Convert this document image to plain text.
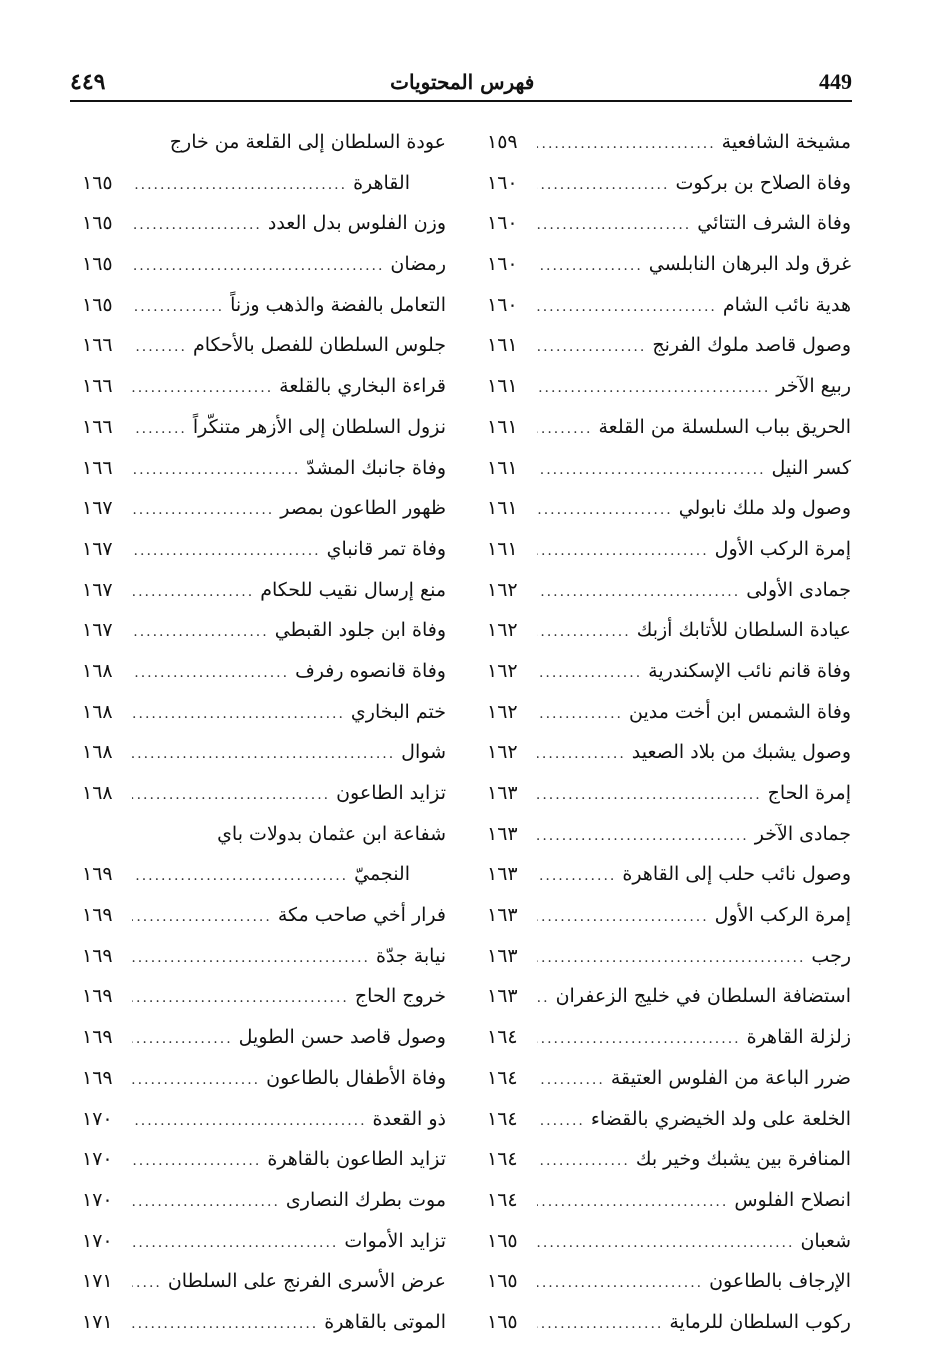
٤٤٩	فهرس المحتويات	449
مشيخة الشافعية
.....
١٥٩
وفاة الصلاح بن بركوت
.....
١٦٠
وفاة الشرف التتائي
.....
١٦٠
غرق ولد البرهان النابلسي
.....
١٦٠
هدية نائب الشام
.....
١٦٠
وصول قاصد ملوك الفرنج
.....
١٦١
ربيع الآخر
.....
١٦١
الحريق بباب السلسلة من القلعة
.....
١٦١
كسر النيل
.....
١٦١
وصول ولد ملك نابولي
.....
١٦١
إمرة الركب الأول
.....
١٦١
جمادى الأولى
.....
١٦٢
عيادة السلطان للأتابك أزبك
.....
١٦٢
وفاة قانم نائب الإسكندرية
.....
١٦٢
وفاة الشمس ابن أخت مدين
.....
١٦٢
وصول يشبك من بلاد الصعيد
.....
١٦٢
إمرة الحاج
.....
١٦٣
جمادى الآخر
.....
١٦٣
وصول نائب حلب إلى القاهرة
.....
١٦٣
إمرة الركب الأول
.....
١٦٣
رجب
.....
١٦٣
استضافة السلطان في خليج الزعفران
.....
١٦٣
زلزلة القاهرة
.....
١٦٤
ضرر الباعة من الفلوس العتيقة
.....
١٦٤
الخلعة على ولد الخيضري بالقضاء
.....
١٦٤
المنافرة بين يشبك وخير بك
.....
١٦٤
انصلاح الفلوس
.....
١٦٤
شعبان
.....
١٦٥
الإرجاف بالطاعون
.....
١٦٥
ركوب السلطان للرماية
.....
١٦٥
عودة السلطان إلى القلعة من خارج
القاهرة
.....
١٦٥
وزن الفلوس بدل العدد
.....
١٦٥
رمضان
.....
١٦٥
التعامل بالفضة والذهب وزناً
.....
١٦٥
جلوس السلطان للفصل بالأحكام
.....
١٦٦
قراءة البخاري بالقلعة
.....
١٦٦
نزول السلطان إلى الأزهر متنكّراً
.....
١٦٦
وفاة جانبك المشدّ
.....
١٦٦
ظهور الطاعون بمصر
.....
١٦٧
وفاة تمر قانباي
.....
١٦٧
منع إرسال نقيب للحكام
.....
١٦٧
وفاة ابن جلود القبطي
.....
١٦٧
وفاة قانصوه رفرف
.....
١٦٨
ختم البخاري
.....
١٦٨
شوال
.....
١٦٨
تزايد الطاعون
.....
١٦٨
شفاعة ابن عثمان بدولات باي
النجميّ
.....
١٦٩
فرار أخي صاحب مكة
.....
١٦٩
نيابة جدّة
.....
١٦٩
خروج الحاج
.....
١٦٩
وصول قاصد حسن الطويل
.....
١٦٩
وفاة الأطفال بالطاعون
.....
١٦٩
ذو القعدة
.....
١٧٠
تزايد الطاعون بالقاهرة
.....
١٧٠
موت بطرك النصارى
.....
١٧٠
تزايد الأموات
.....
١٧٠
عرض الأسرى الفرنج على السلطان
.....
١٧١
الموتى بالقاهرة
.....
١٧١
